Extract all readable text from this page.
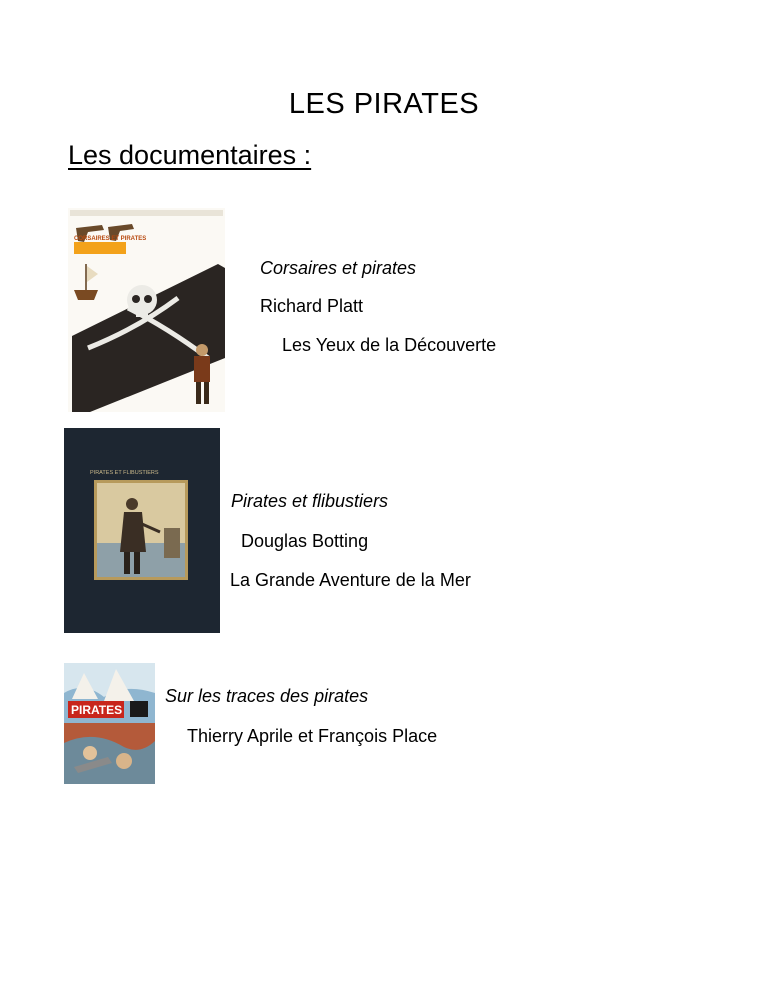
LES PIRATES
Les documentaires :
CORSAIRES ET PIRATES
Corsaires et pirates
Richard Platt
Les Yeux de la Découverte
PIRATES ET FLIBUSTIERS
Pirates et flibustiers
Douglas Botting
La Grande Aventure de la Mer
PIRATES
Sur les traces des pirates
Thierry Aprile et François Place
